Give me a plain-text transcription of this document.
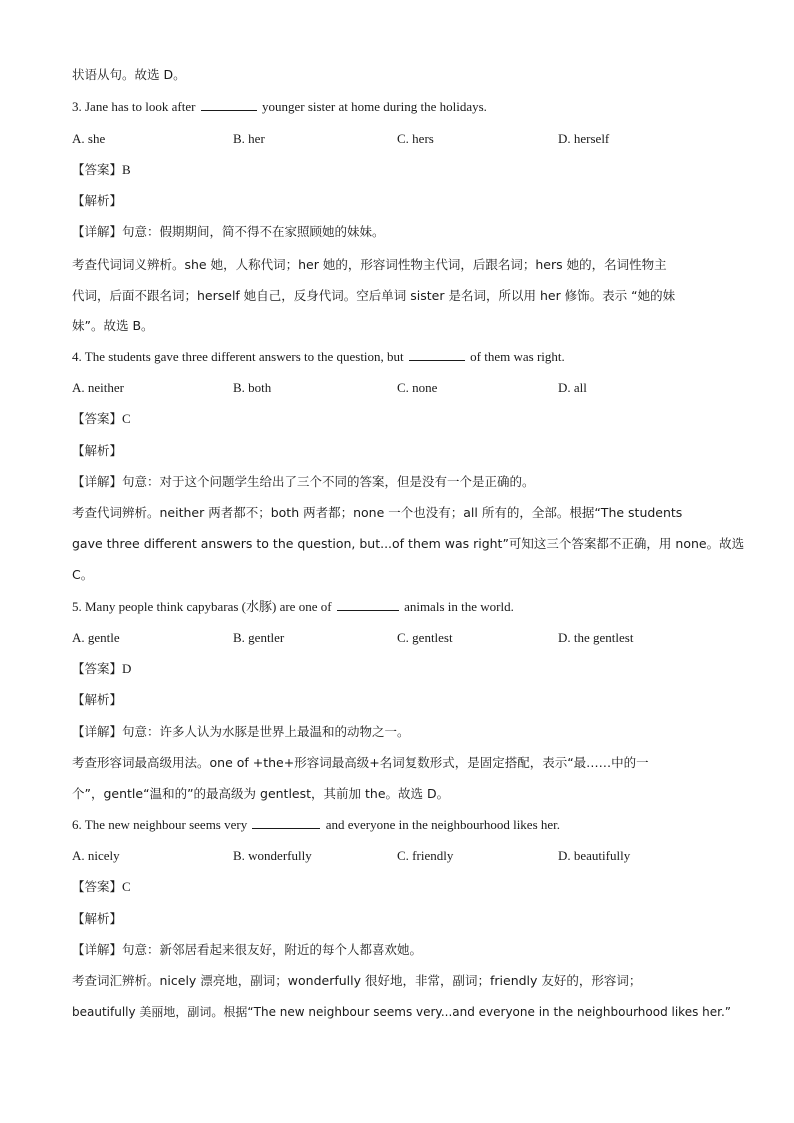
状语从句。故选 D。
3. Jane has to look after	younger sister at home during the holidays.
A. she	B. her	C. hers	D. herself
【答案】B
【解析】
【详解】句意：假期期间，简不得不在家照顾她的妹妹。
考查代词词义辨析。she 她，人称代词；her 她的，形容词性物主代词，后跟名词；hers 她的，名词性物主
代词，后面不跟名词；herself 她自己，反身代词。空后单词 sister 是名词，所以用 her 修饰。表示 “她的妹
妹”。故选 B。
4. The students gave three different answers to the question, but	of them was right.
A. neither	B. both	C. none	D. all
【答案】C
【解析】
【详解】句意：对于这个问题学生给出了三个不同的答案，但是没有一个是正确的。
考查代词辨析。neither 两者都不；both 两者都；none 一个也没有；all 所有的，全部。根据“The students
gave three different answers to the question, but...of them was right”可知这三个答案都不正确，用 none。故选
C。
5. Many people think capybaras (水豚) are one of	animals in the world.
A. gentle	B. gentler	C. gentlest	D. the gentlest
【答案】D
【解析】
【详解】句意：许多人认为水豚是世界上最温和的动物之一。
考查形容词最高级用法。one of +the+形容词最高级+名词复数形式，是固定搭配，表示“最……中的一
个”，gentle“温和的”的最高级为 gentlest，其前加 the。故选 D。
6. The new neighbour seems very	and everyone in the neighbourhood likes her.
A. nicely	B. wonderfully	C. friendly	D. beautifully
【答案】C
【解析】
【详解】句意：新邻居看起来很友好，附近的每个人都喜欢她。
考查词汇辨析。nicely 漂亮地，副词；wonderfully 很好地，非常，副词；friendly 友好的，形容词；
beautifully 美丽地，副词。根据“The new neighbour seems very...and everyone in the neighbourhood likes her.”
